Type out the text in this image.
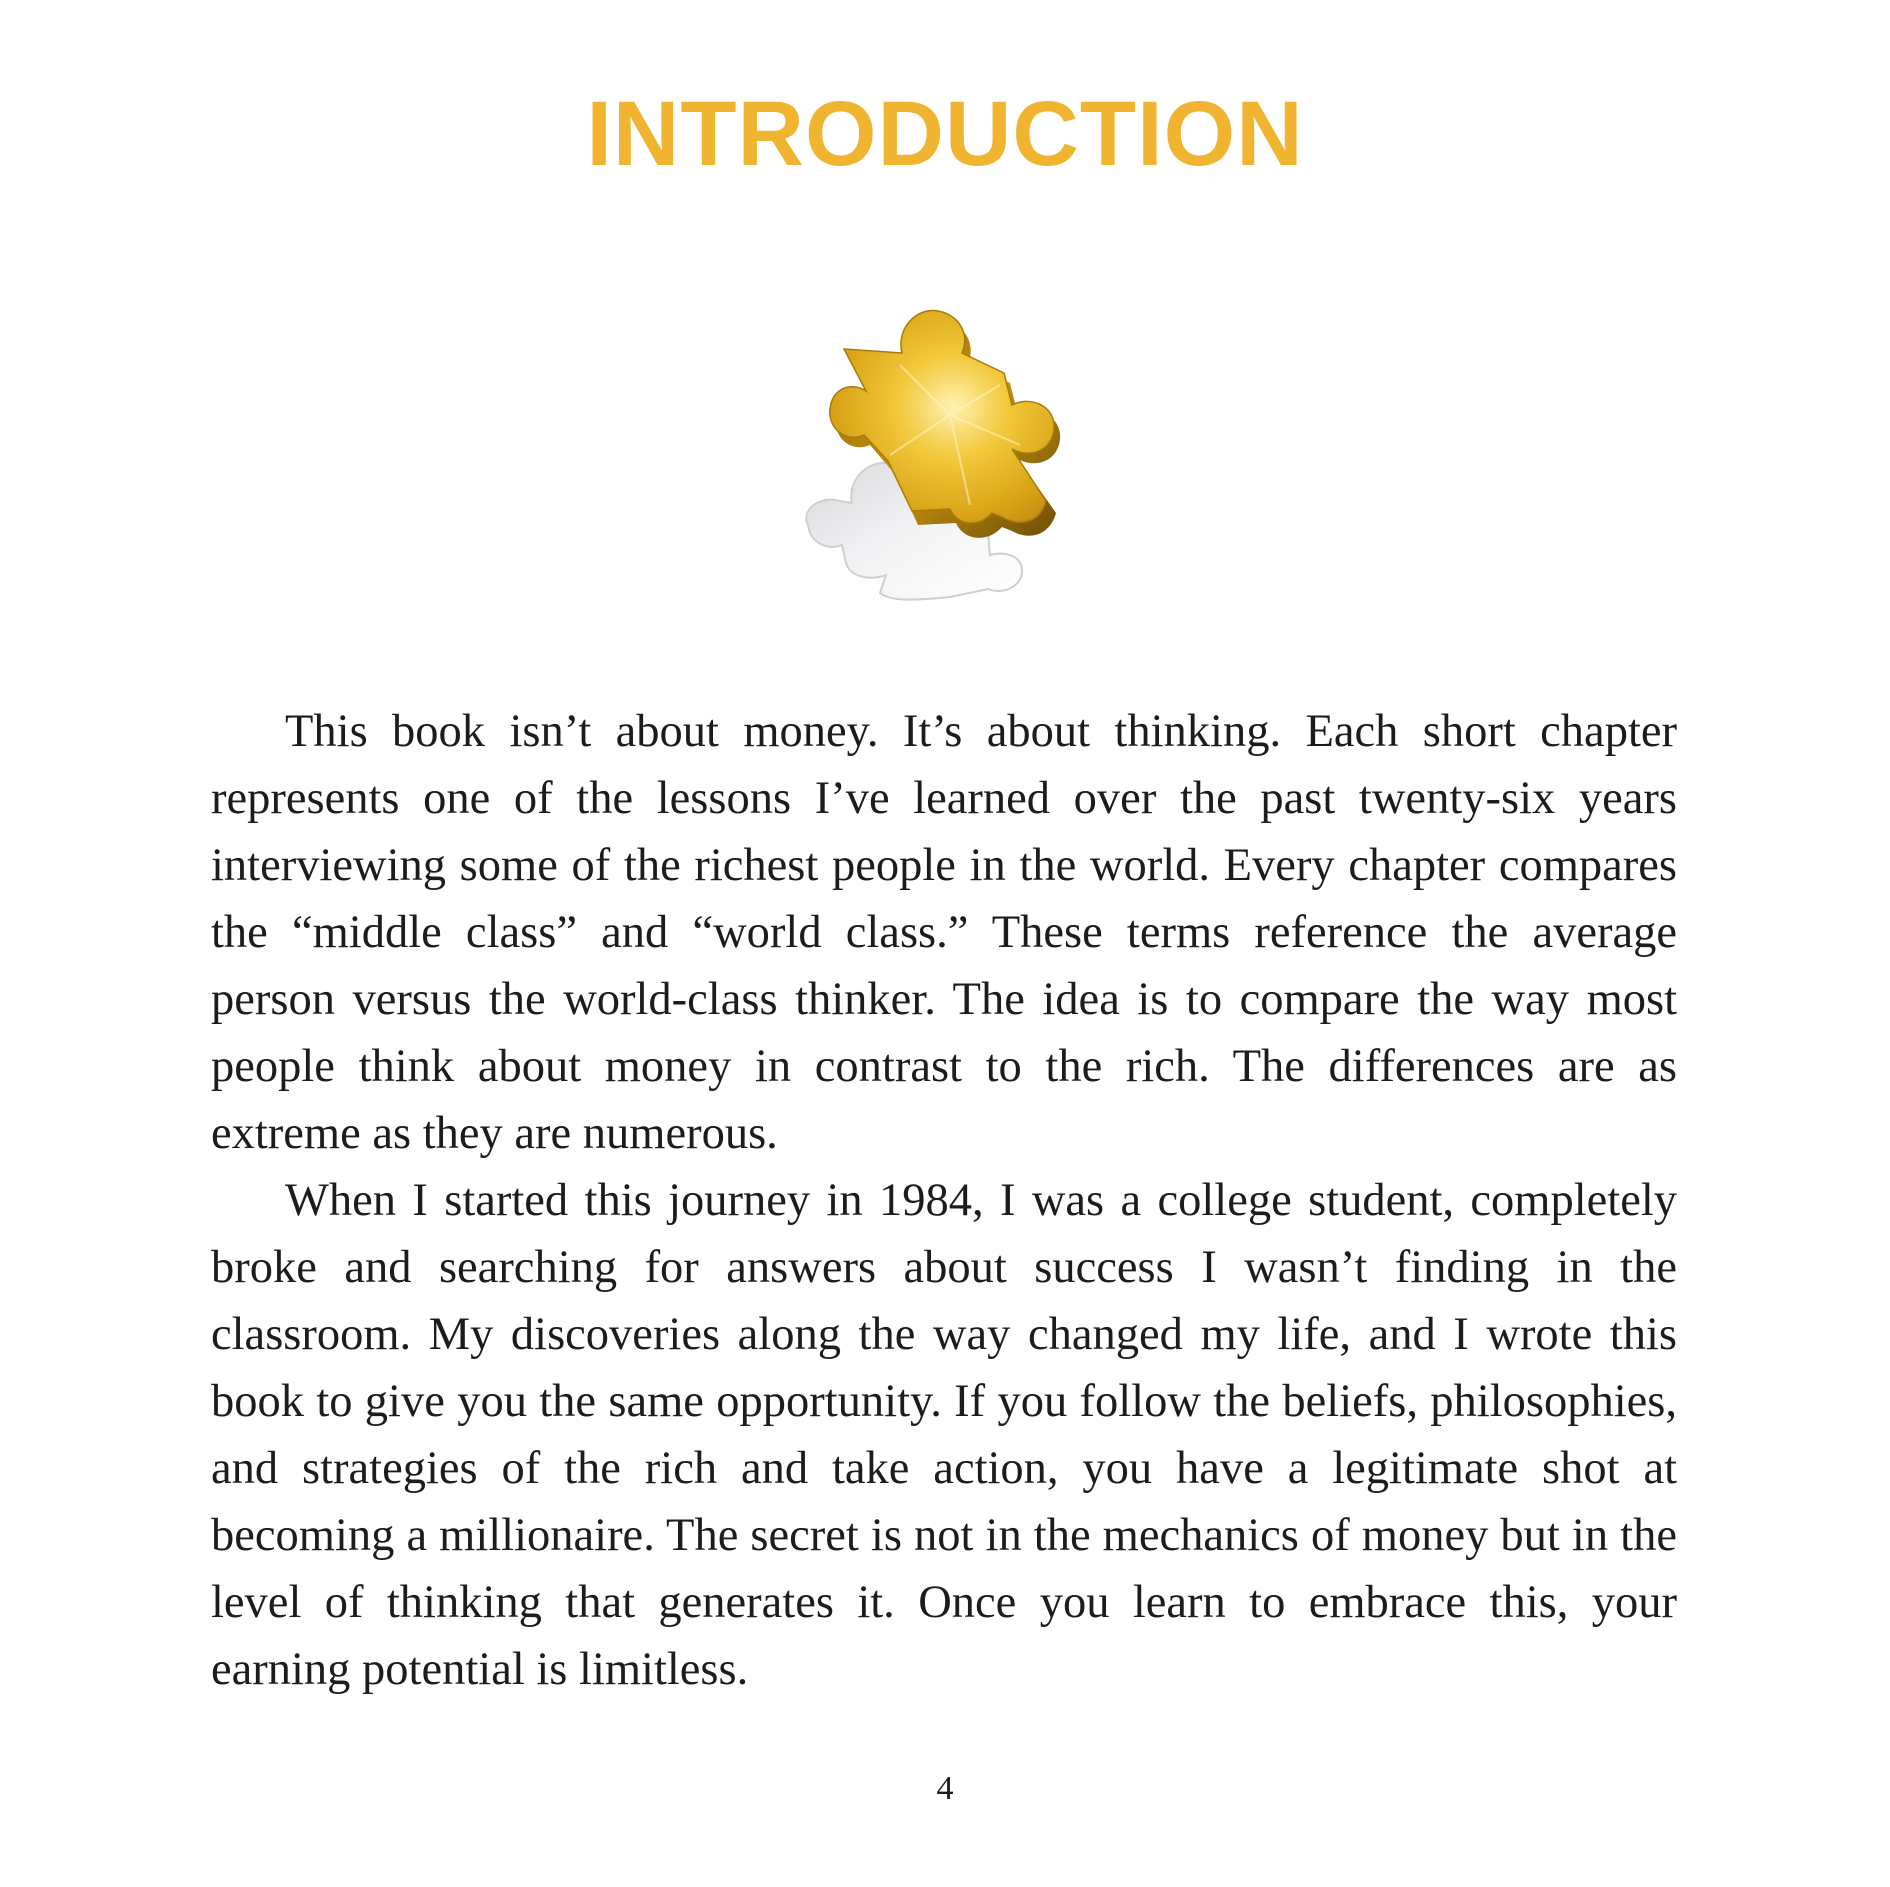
INTRODUCTION

This book isn’t about money. It’s about thinking. Each short chapter represents one of the lessons I’ve learned over the past twenty-six years interviewing some of the richest people in the world. Every chapter compares the “middle class” and “world class.” These terms reference the average person versus the world-class thinker. The idea is to compare the way most people think about money in contrast to the rich. The differences are as extreme as they are numerous.

When I started this journey in 1984, I was a college student, completely broke and searching for answers about success I wasn’t finding in the classroom. My discoveries along the way changed my life, and I wrote this book to give you the same opportunity. If you follow the beliefs, philosophies, and strategies of the rich and take action, you have a legitimate shot at becoming a millionaire. The secret is not in the mechanics of money but in the level of thinking that generates it. Once you learn to embrace this, your earning potential is limitless.

4
